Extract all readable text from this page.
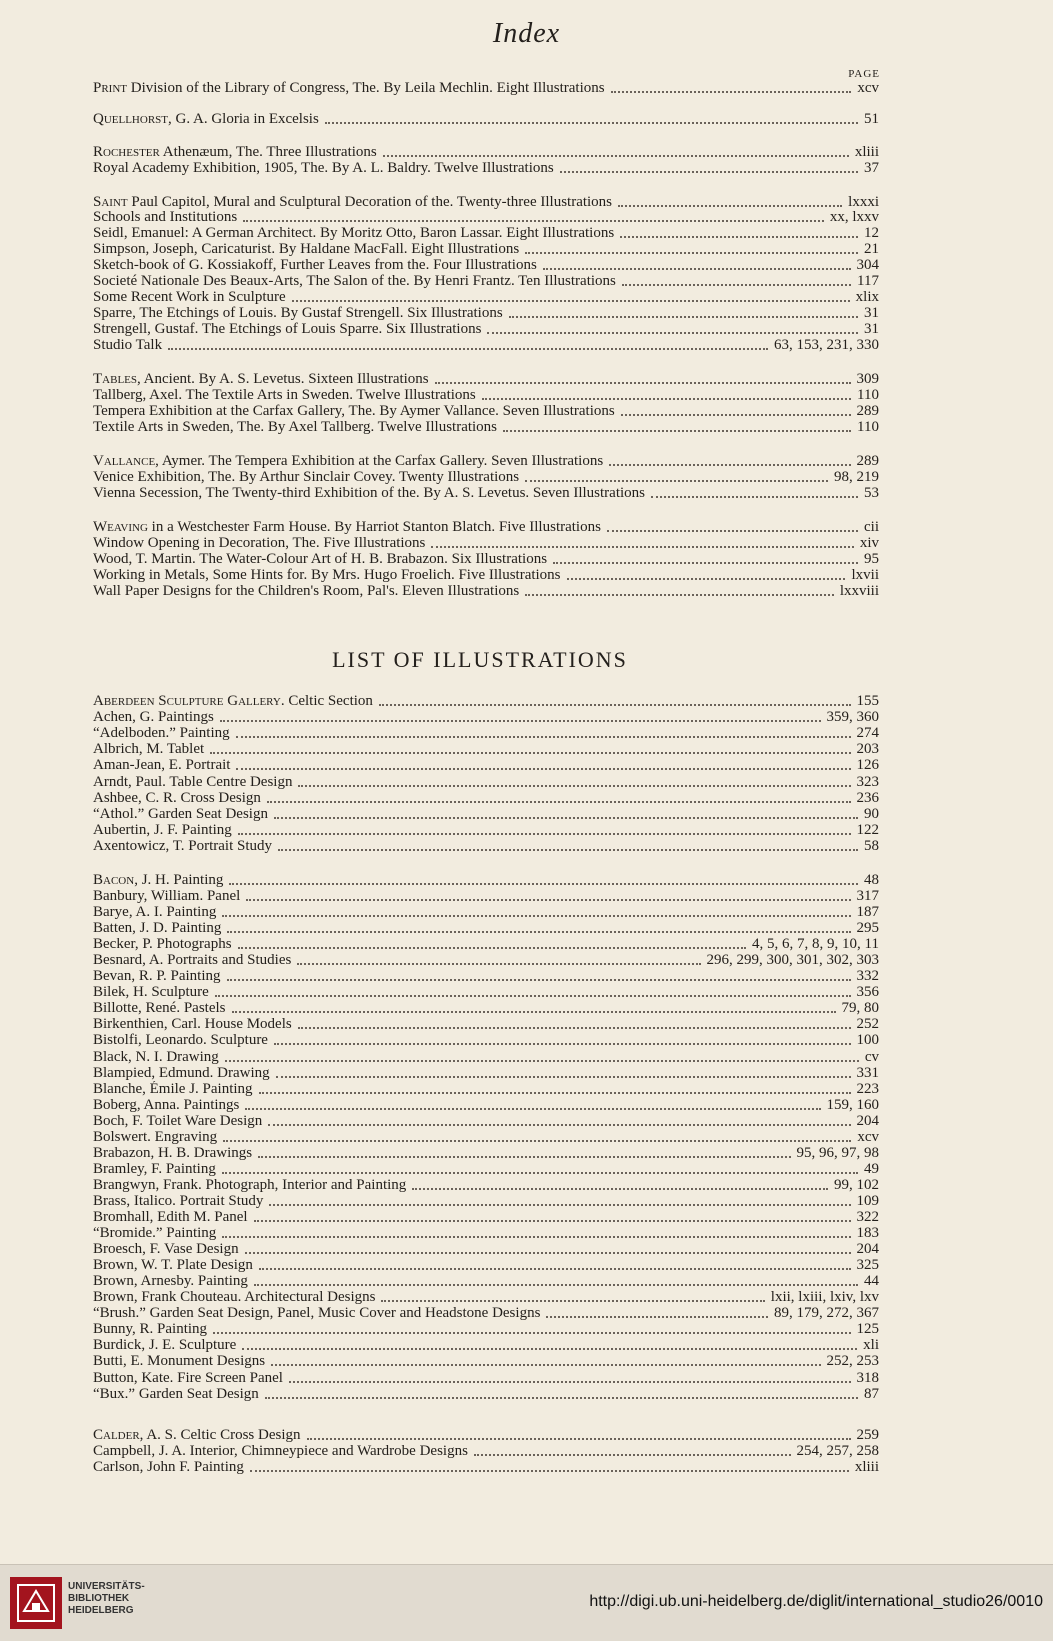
Index
PAGE
Print Division of the Library of Congress, The. By Leila Mechlin. Eight Illustrations	xcv
Quellhorst, G. A. Gloria in Excelsis	51
Rochester Athenæum, The. Three Illustrations	xliii
Royal Academy Exhibition, 1905, The. By A. L. Baldry. Twelve Illustrations	37
Saint Paul Capitol, Mural and Sculptural Decoration of the. Twenty-three Illustrations	lxxxi
Schools and Institutions	xx, lxxv
Seidl, Emanuel: A German Architect. By Moritz Otto, Baron Lassar. Eight Illustrations	12
Simpson, Joseph, Caricaturist. By Haldane MacFall. Eight Illustrations	21
Sketch-book of G. Kossiakoff, Further Leaves from the. Four Illustrations	304
Societé Nationale Des Beaux-Arts, The Salon of the. By Henri Frantz. Ten Illustrations	117
Some Recent Work in Sculpture	xlix
Sparre, The Etchings of Louis. By Gustaf Strengell. Six Illustrations	31
Strengell, Gustaf. The Etchings of Louis Sparre. Six Illustrations	31
Studio Talk	63, 153, 231, 330
Tables, Ancient. By A. S. Levetus. Sixteen Illustrations	309
Tallberg, Axel. The Textile Arts in Sweden. Twelve Illustrations	110
Tempera Exhibition at the Carfax Gallery, The. By Aymer Vallance. Seven Illustrations	289
Textile Arts in Sweden, The. By Axel Tallberg. Twelve Illustrations	110
Vallance, Aymer. The Tempera Exhibition at the Carfax Gallery. Seven Illustrations	289
Venice Exhibition, The. By Arthur Sinclair Covey. Twenty Illustrations	98, 219
Vienna Secession, The Twenty-third Exhibition of the. By A. S. Levetus. Seven Illustrations	53
Weaving in a Westchester Farm House. By Harriot Stanton Blatch. Five Illustrations	cii
Window Opening in Decoration, The. Five Illustrations	xiv
Wood, T. Martin. The Water-Colour Art of H. B. Brabazon. Six Illustrations	95
Working in Metals, Some Hints for. By Mrs. Hugo Froelich. Five Illustrations	lxvii
Wall Paper Designs for the Children's Room, Pal's. Eleven Illustrations	lxxviii
LIST OF ILLUSTRATIONS
Aberdeen Sculpture Gallery. Celtic Section	155
Achen, G. Paintings	359, 360
“Adelboden.” Painting	274
Albrich, M. Tablet	203
Aman-Jean, E. Portrait	126
Arndt, Paul. Table Centre Design	323
Ashbee, C. R. Cross Design	236
“Athol.” Garden Seat Design	90
Aubertin, J. F. Painting	122
Axentowicz, T. Portrait Study	58
Bacon, J. H. Painting	48
Banbury, William. Panel	317
Barye, A. I. Painting	187
Batten, J. D. Painting	295
Becker, P. Photographs	4, 5, 6, 7, 8, 9, 10, 11
Besnard, A. Portraits and Studies	296, 299, 300, 301, 302, 303
Bevan, R. P. Painting	332
Bilek, H. Sculpture	356
Billotte, René. Pastels	79, 80
Birkenthien, Carl. House Models	252
Bistolfi, Leonardo. Sculpture	100
Black, N. I. Drawing	cv
Blampied, Edmund. Drawing	331
Blanche, Émile J. Painting	223
Boberg, Anna. Paintings	159, 160
Boch, F. Toilet Ware Design	204
Bolswert. Engraving	xcv
Brabazon, H. B. Drawings	95, 96, 97, 98
Bramley, F. Painting	49
Brangwyn, Frank. Photograph, Interior and Painting	99, 102
Brass, Italico. Portrait Study	109
Bromhall, Edith M. Panel	322
“Bromide.” Painting	183
Broesch, F. Vase Design	204
Brown, W. T. Plate Design	325
Brown, Arnesby. Painting	44
Brown, Frank Chouteau. Architectural Designs	lxii, lxiii, lxiv, lxv
“Brush.” Garden Seat Design, Panel, Music Cover and Headstone Designs	89, 179, 272, 367
Bunny, R. Painting	125
Burdick, J. E. Sculpture	xli
Butti, E. Monument Designs	252, 253
Button, Kate. Fire Screen Panel	318
“Bux.” Garden Seat Design	87
Calder, A. S. Celtic Cross Design	259
Campbell, J. A. Interior, Chimneypiece and Wardrobe Designs	254, 257, 258
Carlson, John F. Painting	xliii
UNIVERSITÄTS-
BIBLIOTHEK
HEIDELBERG
http://digi.ub.uni-heidelberg.de/diglit/international_studio26/0010
